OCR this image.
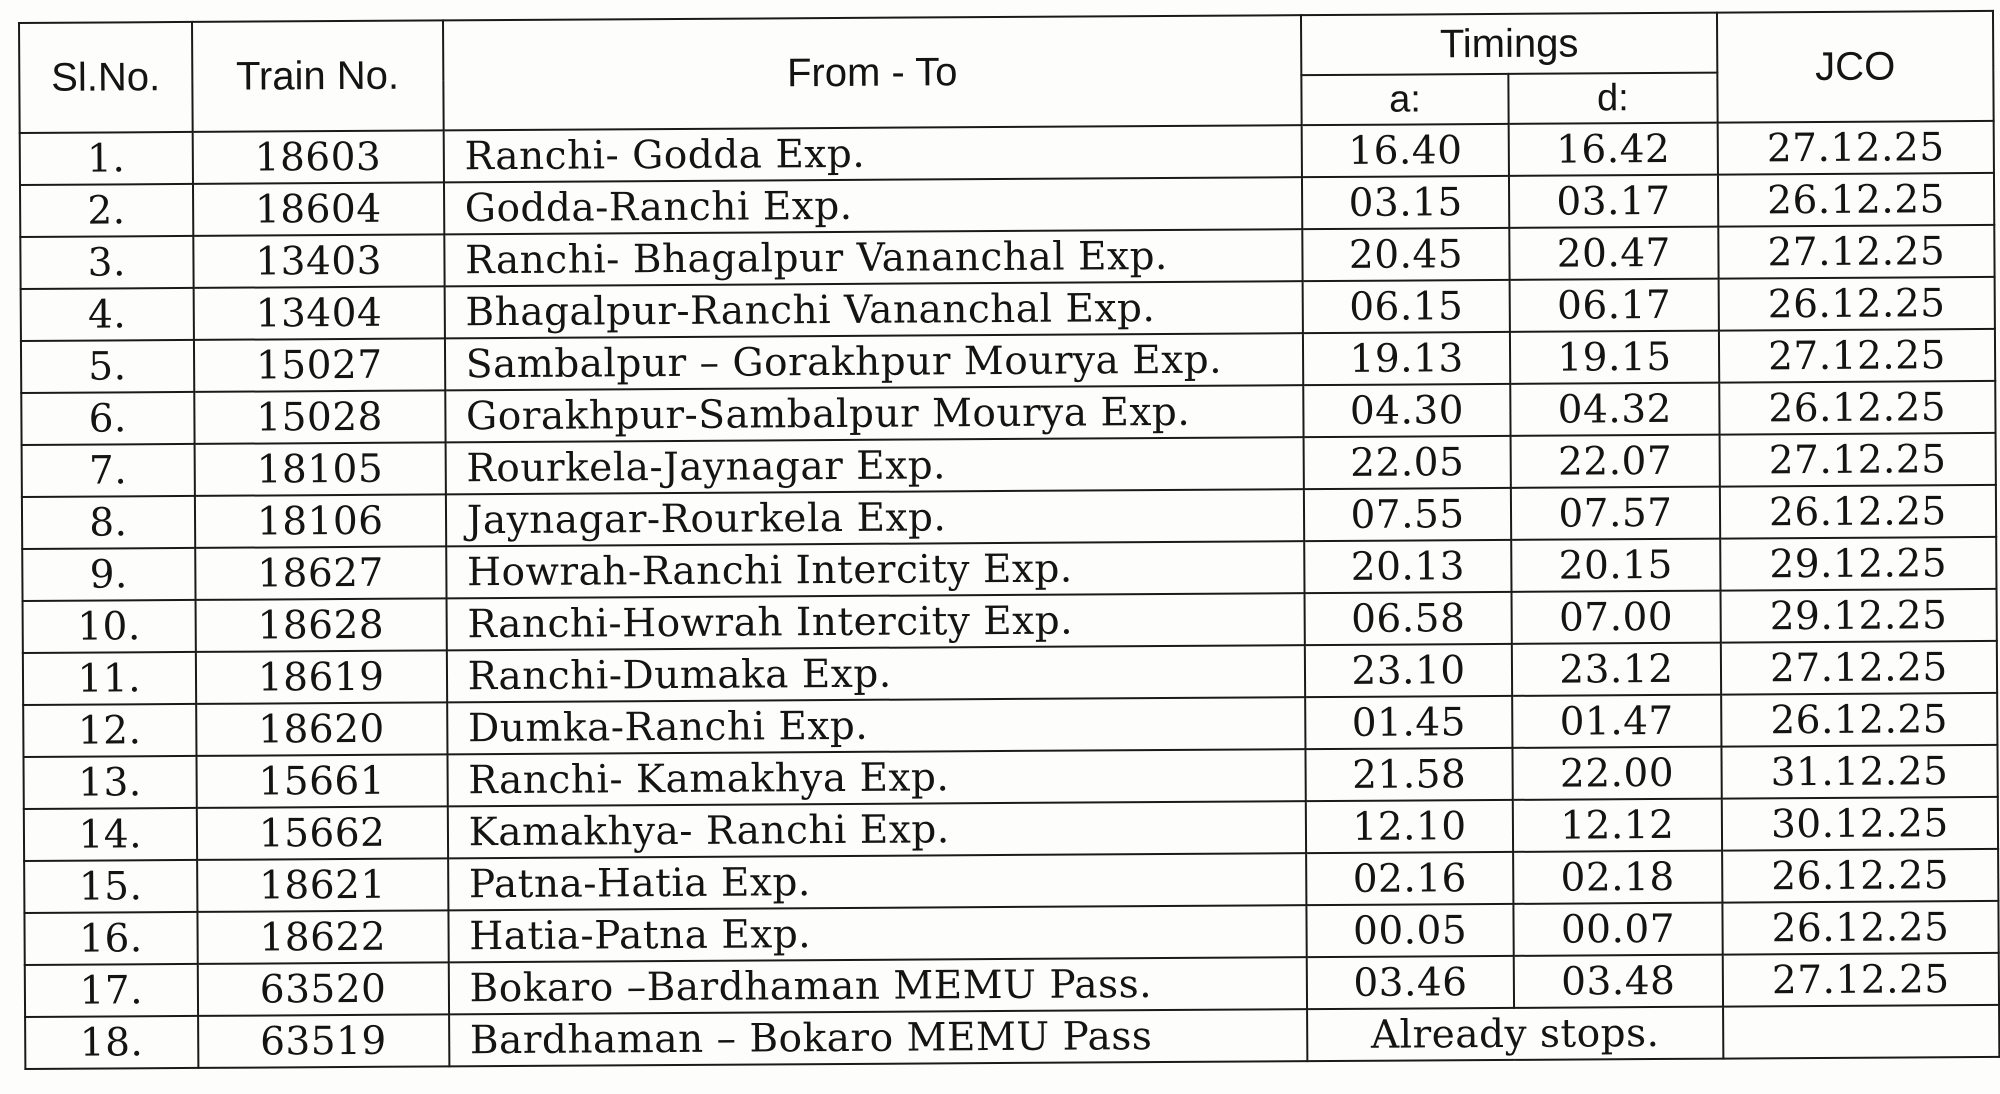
Sl.No.	Train No.	From - To	Timings		JCO
			a:	d:	
1.	18603	Ranchi- Godda Exp.	16.40	16.42	27.12.25
2.	18604	Godda-Ranchi Exp.	03.15	03.17	26.12.25
3.	13403	Ranchi- Bhagalpur Vananchal Exp.	20.45	20.47	27.12.25
4.	13404	Bhagalpur-Ranchi Vananchal Exp.	06.15	06.17	26.12.25
5.	15027	Sambalpur – Gorakhpur Mourya Exp.	19.13	19.15	27.12.25
6.	15028	Gorakhpur-Sambalpur Mourya Exp.	04.30	04.32	26.12.25
7.	18105	Rourkela-Jaynagar Exp.	22.05	22.07	27.12.25
8.	18106	Jaynagar-Rourkela Exp.	07.55	07.57	26.12.25
9.	18627	Howrah-Ranchi Intercity Exp.	20.13	20.15	29.12.25
10.	18628	Ranchi-Howrah Intercity Exp.	06.58	07.00	29.12.25
11.	18619	Ranchi-Dumaka Exp.	23.10	23.12	27.12.25
12.	18620	Dumka-Ranchi Exp.	01.45	01.47	26.12.25
13.	15661	Ranchi- Kamakhya Exp.	21.58	22.00	31.12.25
14.	15662	Kamakhya- Ranchi Exp.	12.10	12.12	30.12.25
15.	18621	Patna-Hatia Exp.	02.16	02.18	26.12.25
16.	18622	Hatia-Patna Exp.	00.05	00.07	26.12.25
17.	63520	Bokaro –Bardhaman MEMU Pass.	03.46	03.48	27.12.25
18.	63519	Bardhaman – Bokaro MEMU Pass	Already stops.		
